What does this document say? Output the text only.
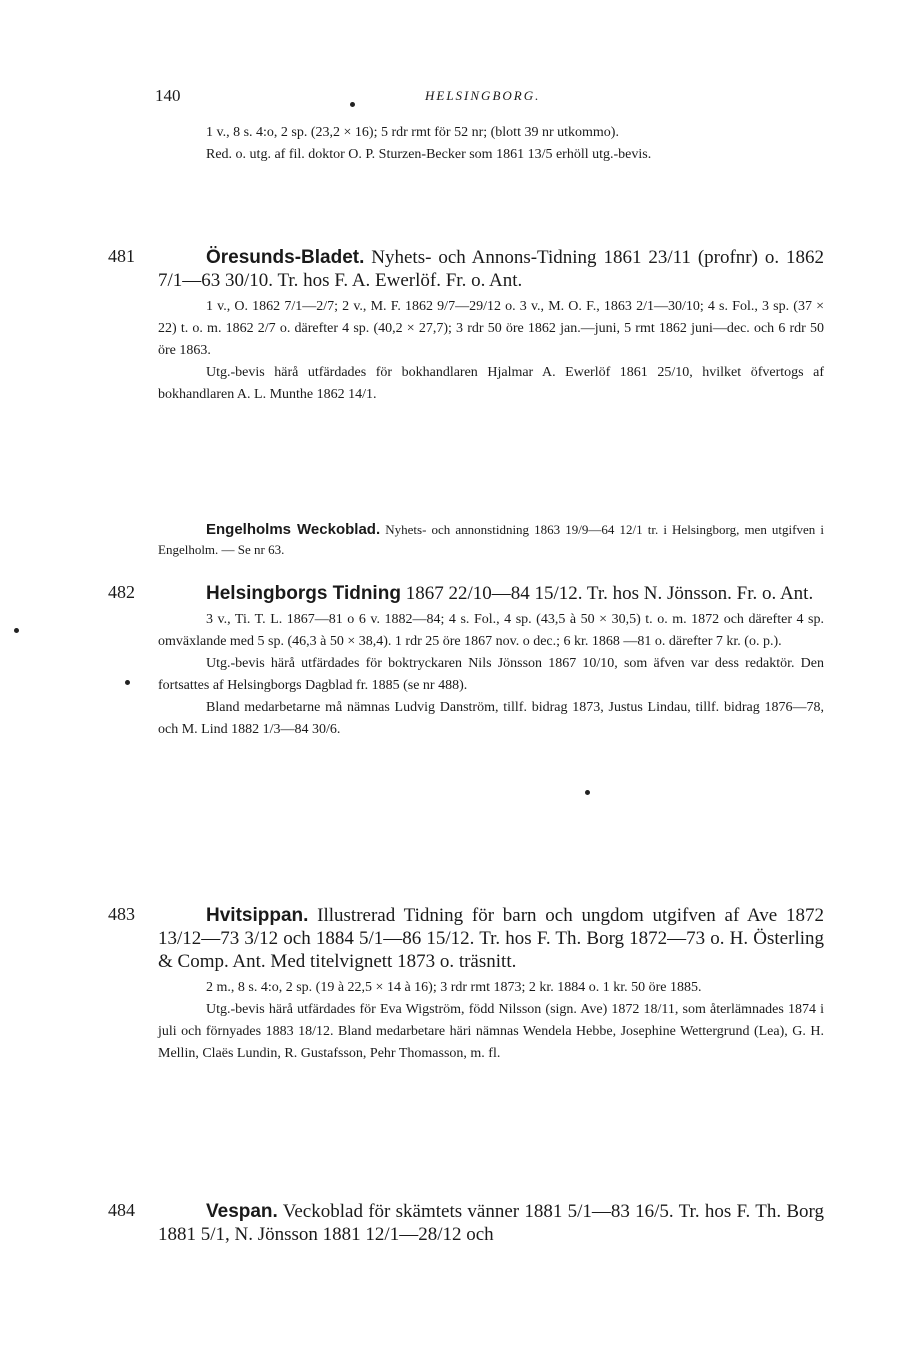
140	HELSINGBORG.

1 v., 8 s. 4:o, 2 sp. (23,2 × 16); 5 rdr rmt för 52 nr; (blott 39 nr utkommo).

Red. o. utg. af fil. doktor O. P. Sturzen-Becker som 1861 13/5 erhöll utg.-bevis.

481	Öresunds-Bladet. Nyhets- och Annons-Tidning 1861 23/11 (profnr) o. 1862 7/1—63 30/10. Tr. hos F. A. Ewerlöf. Fr. o. Ant.

1 v., O. 1862 7/1—2/7; 2 v., M. F. 1862 9/7—29/12 o. 3 v., M. O. F., 1863 2/1—30/10; 4 s. Fol., 3 sp. (37 × 22) t. o. m. 1862 2/7 o. därefter 4 sp. (40,2 × 27,7); 3 rdr 50 öre 1862 jan.—juni, 5 rmt 1862 juni—dec. och 6 rdr 50 öre 1863.

Utg.-bevis härå utfärdades för bokhandlaren Hjalmar A. Ewerlöf 1861 25/10, hvilket öfvertogs af bokhandlaren A. L. Munthe 1862 14/1.

Engelholms Weckoblad. Nyhets- och annonstidning 1863 19/9—64 12/1 tr. i Helsingborg, men utgifven i Engelholm. — Se nr 63.

482	Helsingborgs Tidning 1867 22/10—84 15/12. Tr. hos N. Jönsson. Fr. o. Ant.

3 v., Ti. T. L. 1867—81 o 6 v. 1882—84; 4 s. Fol., 4 sp. (43,5 à 50 × 30,5) t. o. m. 1872 och därefter 4 sp. omväxlande med 5 sp. (46,3 à 50 × 38,4). 1 rdr 25 öre 1867 nov. o dec.; 6 kr. 1868 —81 o. därefter 7 kr. (o. p.).

Utg.-bevis härå utfärdades för boktryckaren Nils Jönsson 1867 10/10, som äfven var dess redaktör. Den fortsattes af Helsingborgs Dagblad fr. 1885 (se nr 488).

Bland medarbetarne må nämnas Ludvig Danström, tillf. bidrag 1873, Justus Lindau, tillf. bidrag 1876—78, och M. Lind 1882 1/3—84 30/6.

483	Hvitsippan. Illustrerad Tidning för barn och ungdom utgifven af Ave 1872 13/12—73 3/12 och 1884 5/1—86 15/12. Tr. hos F. Th. Borg 1872—73 o. H. Österling & Comp. Ant. Med titelvignett 1873 o. träsnitt.

2 m., 8 s. 4:o, 2 sp. (19 à 22,5 × 14 à 16); 3 rdr rmt 1873; 2 kr. 1884 o. 1 kr. 50 öre 1885.

Utg.-bevis härå utfärdades för Eva Wigström, född Nilsson (sign. Ave) 1872 18/11, som återlämnades 1874 i juli och förnyades 1883 18/12. Bland medarbetare häri nämnas Wendela Hebbe, Josephine Wettergrund (Lea), G. H. Mellin, Claës Lundin, R. Gustafsson, Pehr Thomasson, m. fl.

484	Vespan. Veckoblad för skämtets vänner 1881 5/1—83 16/5. Tr. hos F. Th. Borg 1881 5/1, N. Jönsson 1881 12/1—28/12 och
